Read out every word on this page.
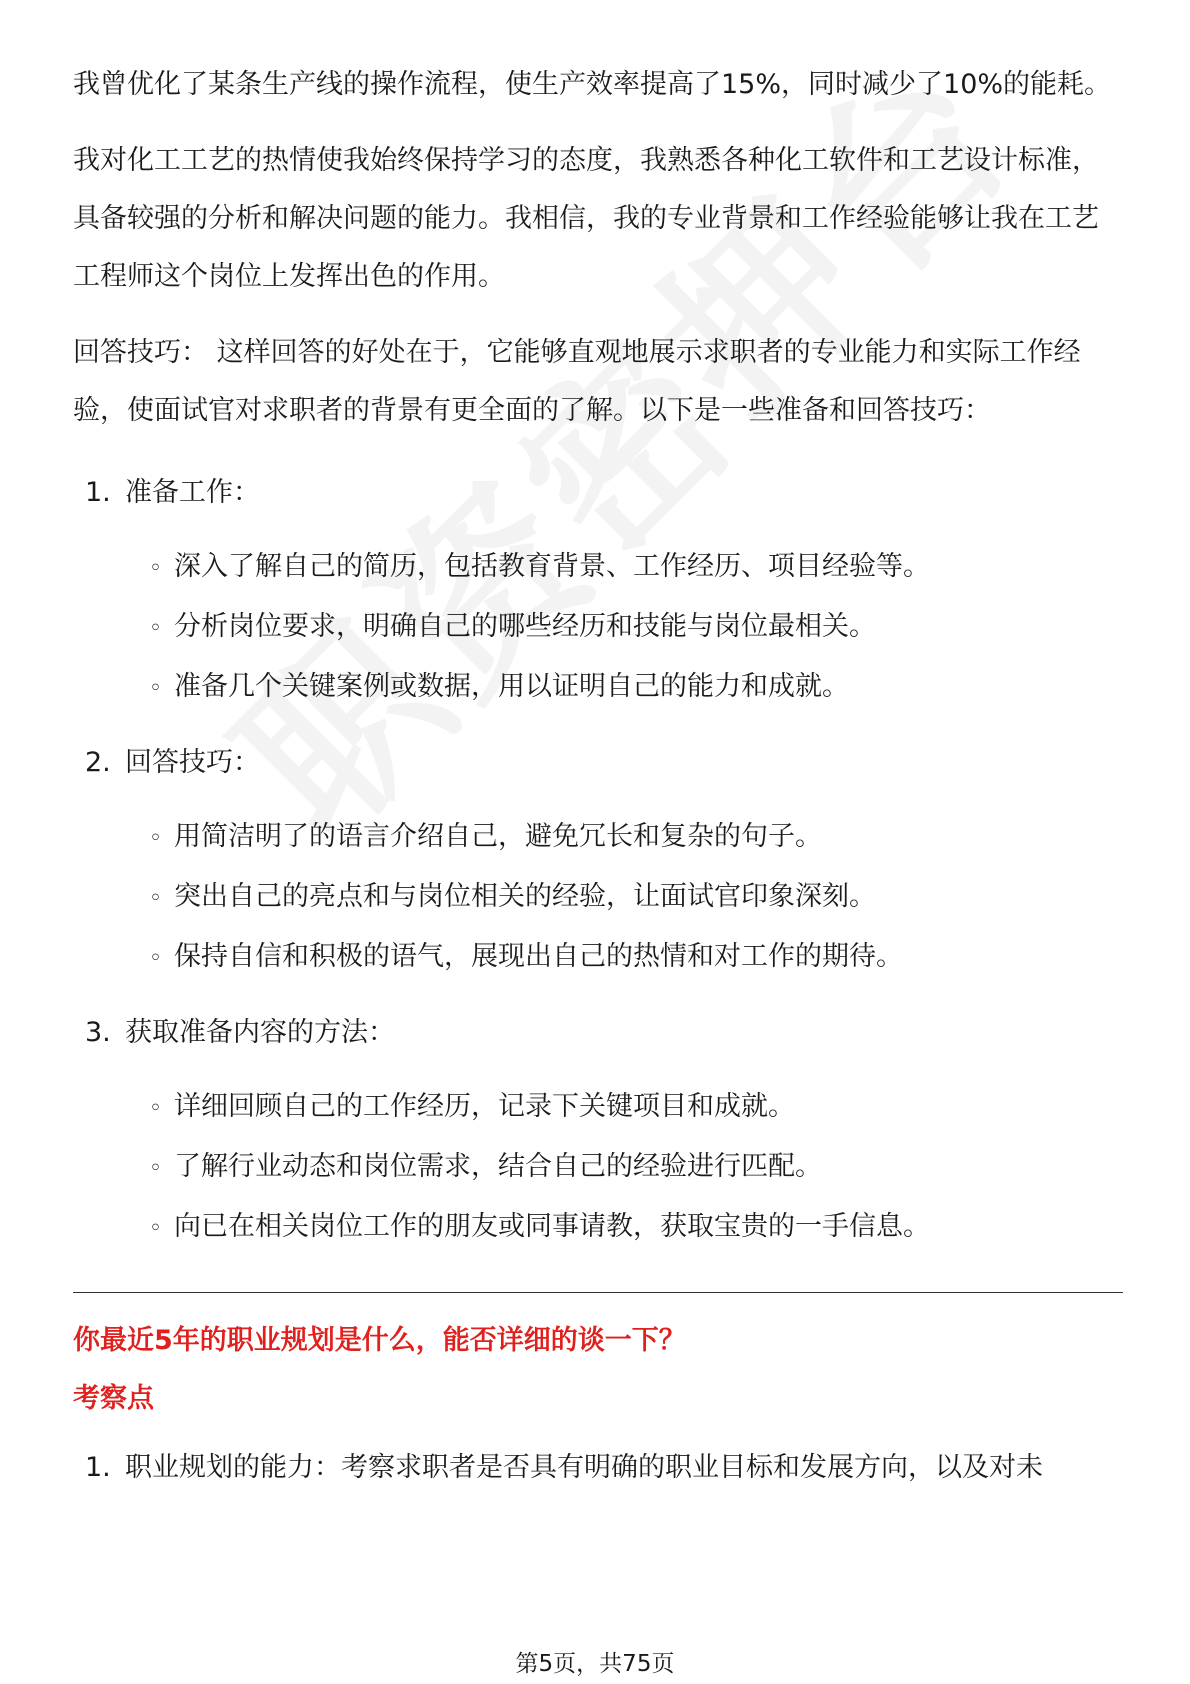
我曾优化了某条生产线的操作流程，使生产效率提高了15%，同时减少了10%的能耗。

我对化工工艺的热情使我始终保持学习的态度，我熟悉各种化工软件和工艺设计标准，具备较强的分析和解决问题的能力。我相信，我的专业背景和工作经验能够让我在工艺工程师这个岗位上发挥出色的作用。

回答技巧： 这样回答的好处在于，它能够直观地展示求职者的专业能力和实际工作经验，使面试官对求职者的背景有更全面的了解。以下是一些准备和回答技巧：

1. 准备工作：
◦ 深入了解自己的简历，包括教育背景、工作经历、项目经验等。
◦ 分析岗位要求，明确自己的哪些经历和技能与岗位最相关。
◦ 准备几个关键案例或数据，用以证明自己的能力和成就。
2. 回答技巧：
◦ 用简洁明了的语言介绍自己，避免冗长和复杂的句子。
◦ 突出自己的亮点和与岗位相关的经验，让面试官印象深刻。
◦ 保持自信和积极的语气，展现出自己的热情和对工作的期待。
3. 获取准备内容的方法：
◦ 详细回顾自己的工作经历，记录下关键项目和成就。
◦ 了解行业动态和岗位需求，结合自己的经验进行匹配。
◦ 向已在相关岗位工作的朋友或同事请教，获取宝贵的一手信息。
你最近5年的职业规划是什么，能否详细的谈一下？
考察点
1. 职业规划的能力：考察求职者是否具有明确的职业目标和发展方向，以及对未
第5页，共75页
